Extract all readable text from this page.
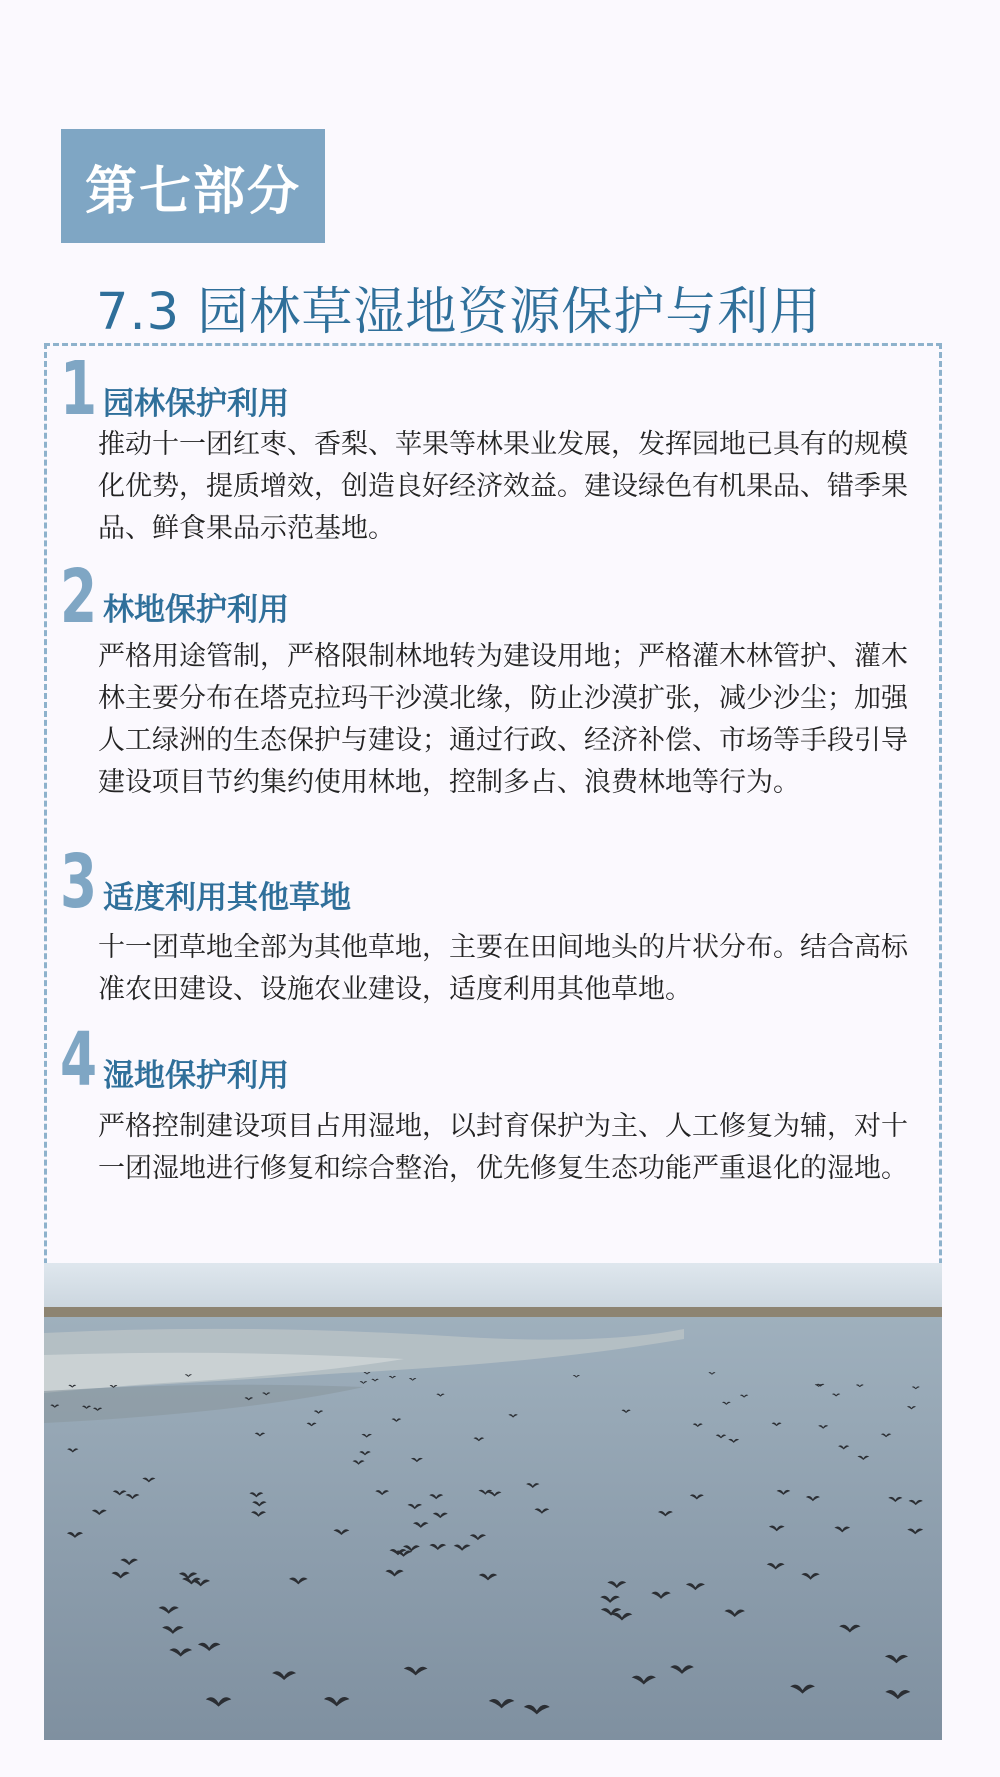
第七部分
7.3 园林草湿地资源保护与利用
1 园林保护利用

推动十一团红枣、香梨、苹果等林果业发展，发挥园地已具有的规模化优势，提质增效，创造良好经济效益。建设绿色有机果品、错季果品、鲜食果品示范基地。

2 林地保护利用

严格用途管制，严格限制林地转为建设用地；严格灌木林管护、灌木林主要分布在塔克拉玛干沙漠北缘，防止沙漠扩张，减少沙尘；加强人工绿洲的生态保护与建设；通过行政、经济补偿、市场等手段引导建设项目节约集约使用林地，控制多占、浪费林地等行为。

3 适度利用其他草地

十一团草地全部为其他草地，主要在田间地头的片状分布。结合高标准农田建设、设施农业建设，适度利用其他草地。

4 湿地保护利用

严格控制建设项目占用湿地，以封育保护为主、人工修复为辅，对十一团湿地进行修复和综合整治，优先修复生态功能严重退化的湿地。
